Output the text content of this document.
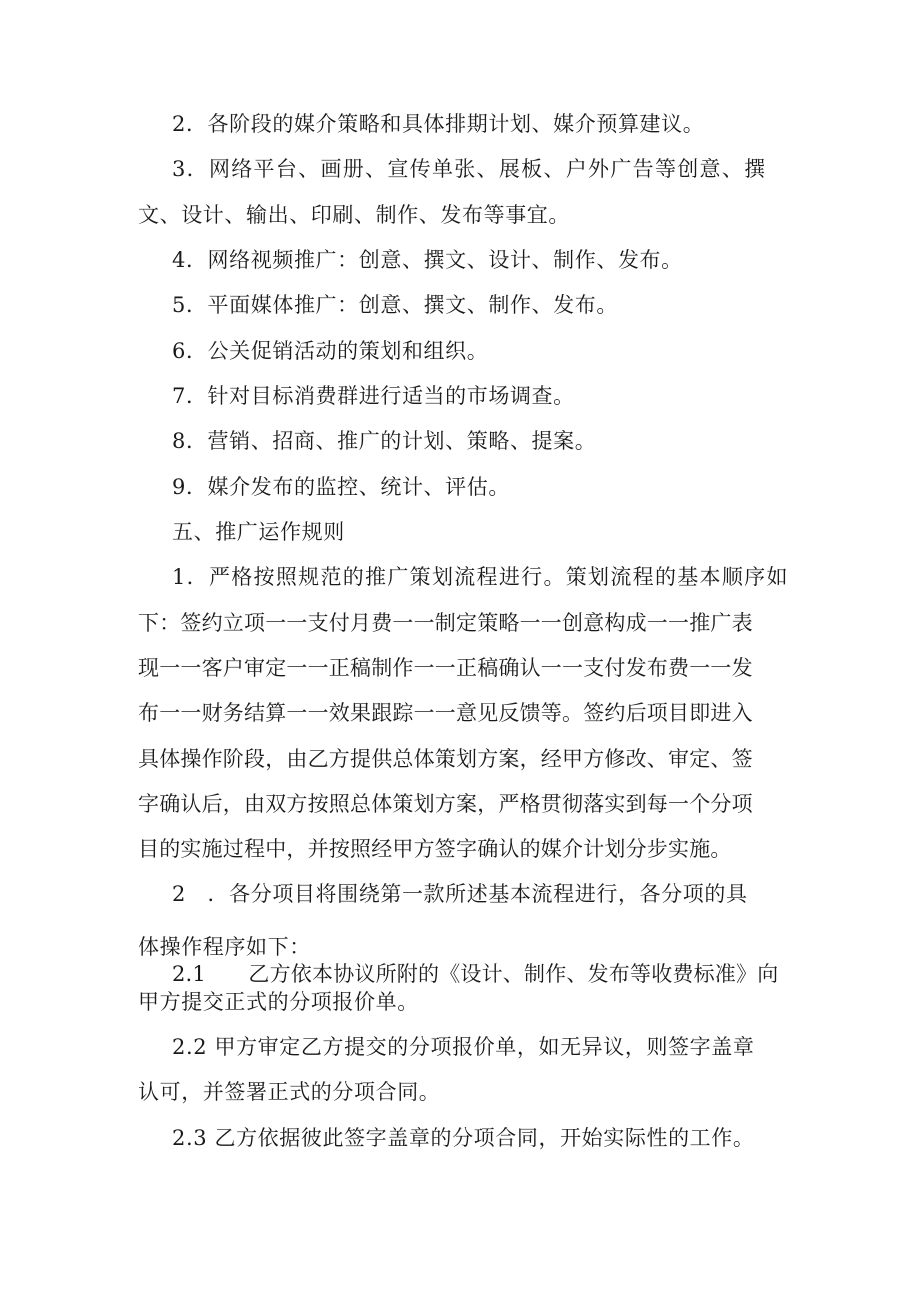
2．各阶段的媒介策略和具体排期计划、媒介预算建议。

3．网络平台、画册、宣传单张、展板、户外广告等创意、撰

文、设计、输出、印刷、制作、发布等事宜。

4．网络视频推广：创意、撰文、设计、制作、发布。

5．平面媒体推广：创意、撰文、制作、发布。

6．公关促销活动的策划和组织。

7．针对目标消费群进行适当的市场调查。

8．营销、招商、推广的计划、策略、提案。

9．媒介发布的监控、统计、评估。

五、推广运作规则

1．严格按照规范的推广策划流程进行。策划流程的基本顺序如

下：签约立项一一支付月费一一制定策略一一创意构成一一推广表

现一一客户审定一一正稿制作一一正稿确认一一支付发布费一一发

布一一财务结算一一效果跟踪一一意见反馈等。签约后项目即进入

具体操作阶段，由乙方提供总体策划方案，经甲方修改、审定、签

字确认后，由双方按照总体策划方案，严格贯彻落实到每一个分项

目的实施过程中，并按照经甲方签字确认的媒介计划分步实施。

2　．各分项目将围绕第一款所述基本流程进行，各分项的具

体操作程序如下：

2.1　　乙方依本协议所附的《设计、制作、发布等收费标准》向

甲方提交正式的分项报价单。

2.2 甲方审定乙方提交的分项报价单，如无异议，则签字盖章

认可，并签署正式的分项合同。

2.3 乙方依据彼此签字盖章的分项合同，开始实际性的工作。
